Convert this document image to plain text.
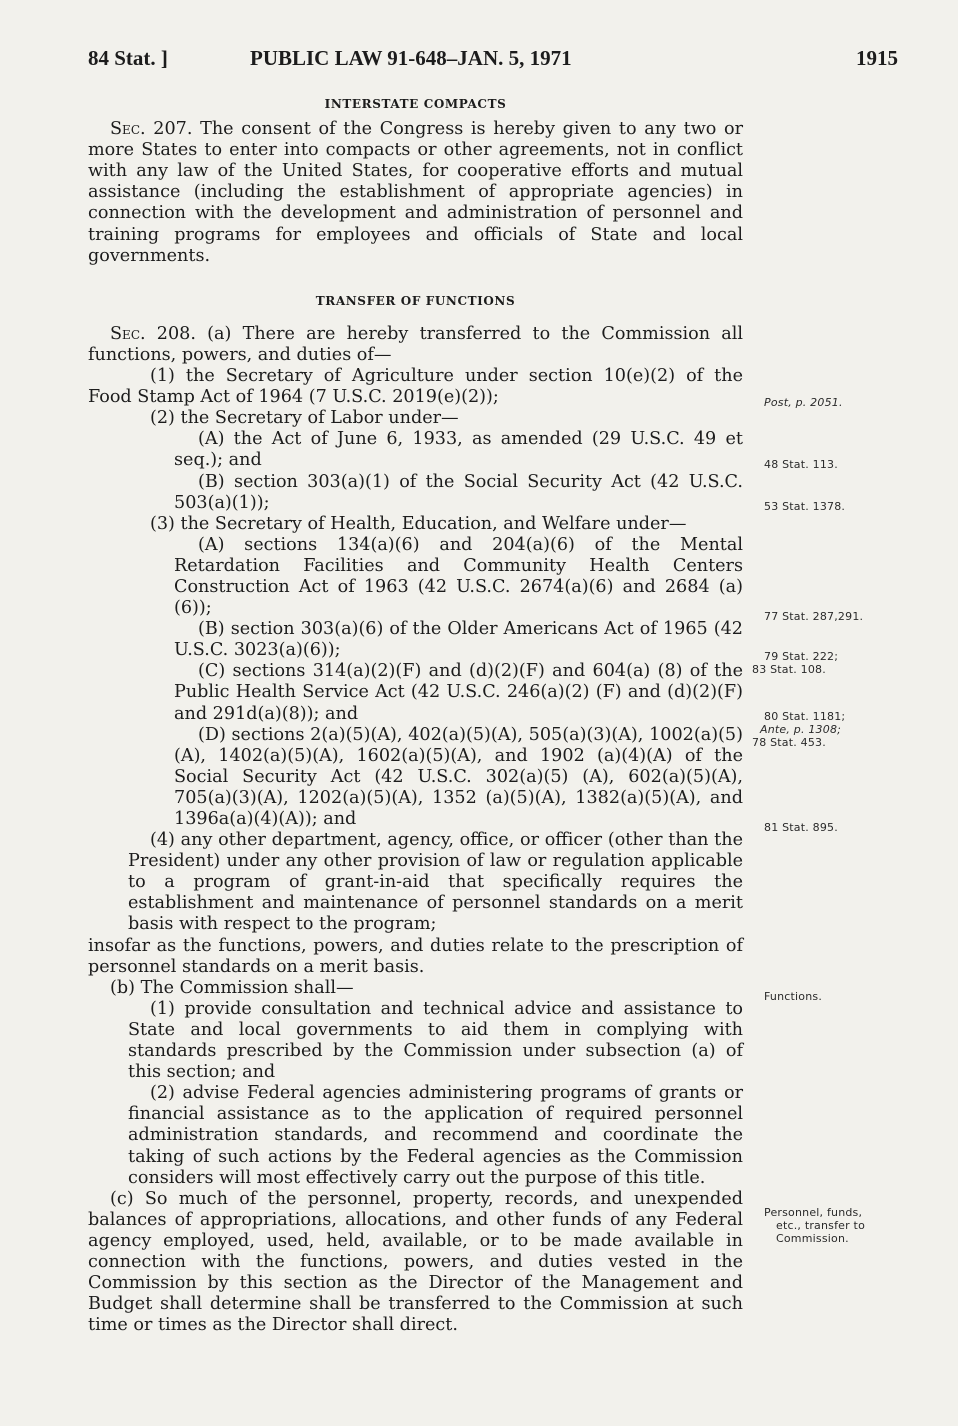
84 Stat. ]	PUBLIC LAW 91-648–JAN. 5, 1971	1915

INTERSTATE COMPACTS

Sec. 207. The consent of the Congress is hereby given to any two or more States to enter into compacts or other agreements, not in conflict with any law of the United States, for cooperative efforts and mutual assistance (including the establishment of appropriate agencies) in connection with the development and administration of personnel and training programs for employees and officials of State and local governments.

TRANSFER OF FUNCTIONS

Sec. 208. (a) There are hereby transferred to the Commission all functions, powers, and duties of—

(1) the Secretary of Agriculture under section 10(e)(2) of the Food Stamp Act of 1964 (7 U.S.C. 2019(e)(2));

(2) the Secretary of Labor under—

(A) the Act of June 6, 1933, as amended (29 U.S.C. 49 et seq.); and

(B) section 303(a)(1) of the Social Security Act (42 U.S.C. 503(a)(1));

(3) the Secretary of Health, Education, and Welfare under—

(A) sections 134(a)(6) and 204(a)(6) of the Mental Retardation Facilities and Community Health Centers Construction Act of 1963 (42 U.S.C. 2674(a)(6) and 2684 (a)(6));

(B) section 303(a)(6) of the Older Americans Act of 1965 (42 U.S.C. 3023(a)(6));

(C) sections 314(a)(2)(F) and (d)(2)(F) and 604(a) (8) of the Public Health Service Act (42 U.S.C. 246(a)(2) (F) and (d)(2)(F) and 291d(a)(8)); and

(D) sections 2(a)(5)(A), 402(a)(5)(A), 505(a)(3)(A), 1002(a)(5)(A), 1402(a)(5)(A), 1602(a)(5)(A), and 1902 (a)(4)(A) of the Social Security Act (42 U.S.C. 302(a)(5) (A), 602(a)(5)(A), 705(a)(3)(A), 1202(a)(5)(A), 1352 (a)(5)(A), 1382(a)(5)(A), and 1396a(a)(4)(A)); and

(4) any other department, agency, office, or officer (other than the President) under any other provision of law or regulation applicable to a program of grant-in-aid that specifically requires the establishment and maintenance of personnel standards on a merit basis with respect to the program;

insofar as the functions, powers, and duties relate to the prescription of personnel standards on a merit basis.

(b) The Commission shall—

(1) provide consultation and technical advice and assistance to State and local governments to aid them in complying with standards prescribed by the Commission under subsection (a) of this section; and

(2) advise Federal agencies administering programs of grants or financial assistance as to the application of required personnel administration standards, and recommend and coordinate the taking of such actions by the Federal agencies as the Commission considers will most effectively carry out the purpose of this title.

(c) So much of the personnel, property, records, and unexpended balances of appropriations, allocations, and other funds of any Federal agency employed, used, held, available, or to be made available in connection with the functions, powers, and duties vested in the Commission by this section as the Director of the Management and Budget shall determine shall be transferred to the Commission at such time or times as the Director shall direct.

Post, p. 2051.
48 Stat. 113.
53 Stat. 1378.
77 Stat. 287,291.
79 Stat. 222;
83 Stat. 108.
80 Stat. 1181;
Ante, p. 1308;
78 Stat. 453.
81 Stat. 895.
Functions.
Personnel, funds,
etc., transfer to
Commission.
